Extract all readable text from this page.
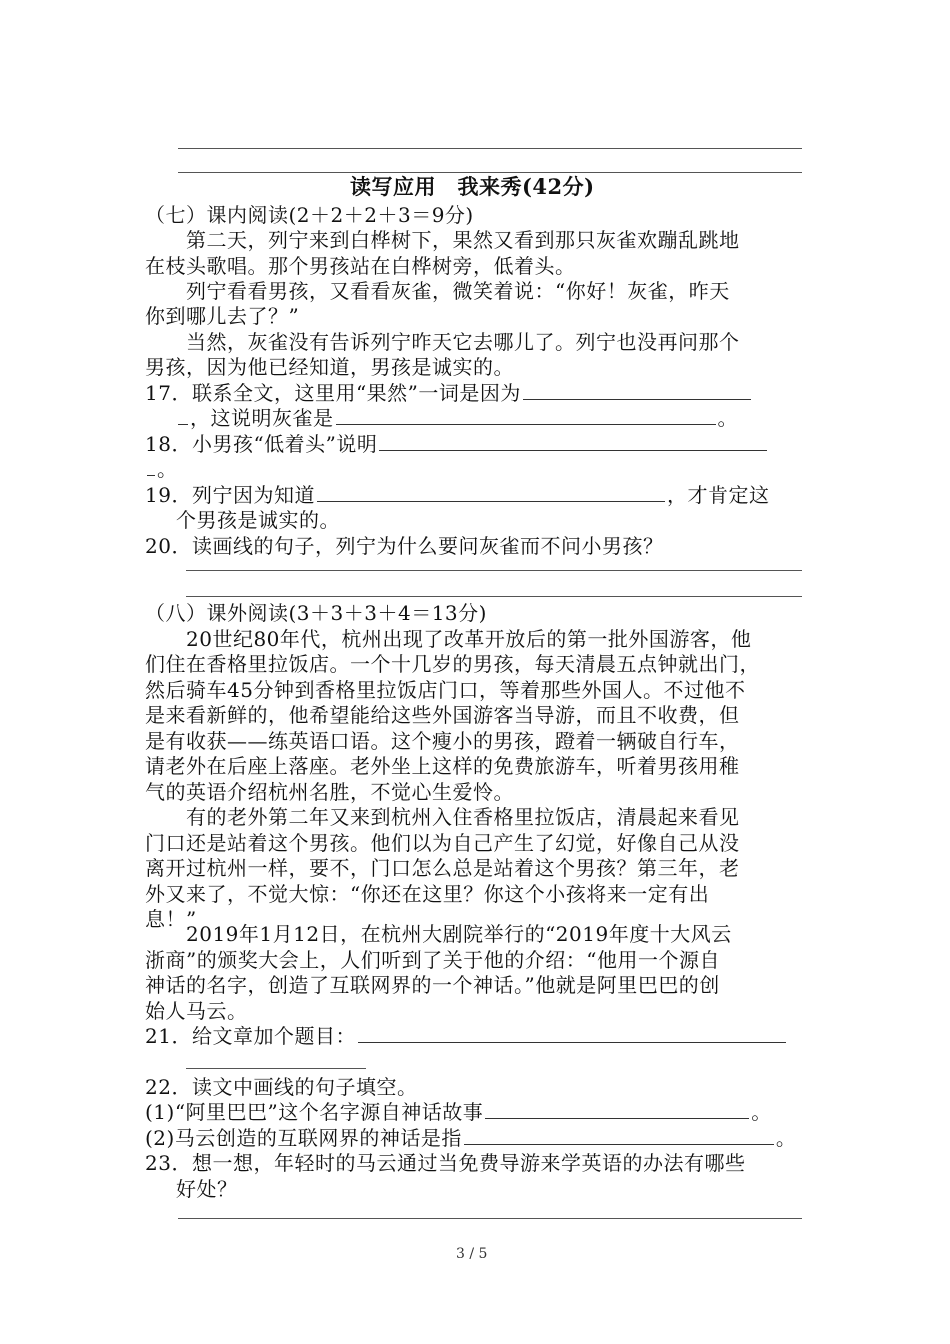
读写应用　我来秀(42分)
（七）课内阅读(2＋2＋2＋3＝9分)
第二天，列宁来到白桦树下，果然又看到那只灰雀欢蹦乱跳地
在枝头歌唱。那个男孩站在白桦树旁，低着头。
列宁看看男孩，又看看灰雀，微笑着说：“你好！灰雀，昨天
你到哪儿去了？”
当然，灰雀没有告诉列宁昨天它去哪儿了。列宁也没再问那个
男孩，因为他已经知道，男孩是诚实的。
17．联系全文，这里用“果然”一词是因为
，这说明灰雀是	。
18．小男孩“低着头”说明
。
19．列宁因为知道	，才肯定这
个男孩是诚实的。
20．读画线的句子，列宁为什么要问灰雀而不问小男孩？
（八）课外阅读(3＋3＋3＋4＝13分)
20世纪80年代，杭州出现了改革开放后的第一批外国游客，他
们住在香格里拉饭店。一个十几岁的男孩，每天清晨五点钟就出门，
然后骑车45分钟到香格里拉饭店门口，等着那些外国人。不过他不
是来看新鲜的，他希望能给这些外国游客当导游，而且不收费，但
是有收获——练英语口语。这个瘦小的男孩，蹬着一辆破自行车，
请老外在后座上落座。老外坐上这样的免费旅游车，听着男孩用稚
气的英语介绍杭州名胜，不觉心生爱怜。
有的老外第二年又来到杭州入住香格里拉饭店，清晨起来看见
门口还是站着这个男孩。他们以为自己产生了幻觉，好像自己从没
离开过杭州一样，要不，门口怎么总是站着这个男孩？第三年，老
外又来了，不觉大惊：“你还在这里？你这个小孩将来一定有出
息！”
2019年1月12日，在杭州大剧院举行的“2019年度十大风云
浙商”的颁奖大会上，人们听到了关于他的介绍：“他用一个源自
神话的名字，创造了互联网界的一个神话。”他就是阿里巴巴的创
始人马云。
21．给文章加个题目：
22．读文中画线的句子填空。
(1)“阿里巴巴”这个名字源自神话故事	。
(2)马云创造的互联网界的神话是指	。
23．想一想，年轻时的马云通过当免费导游来学英语的办法有哪些
好处？
3 / 5
